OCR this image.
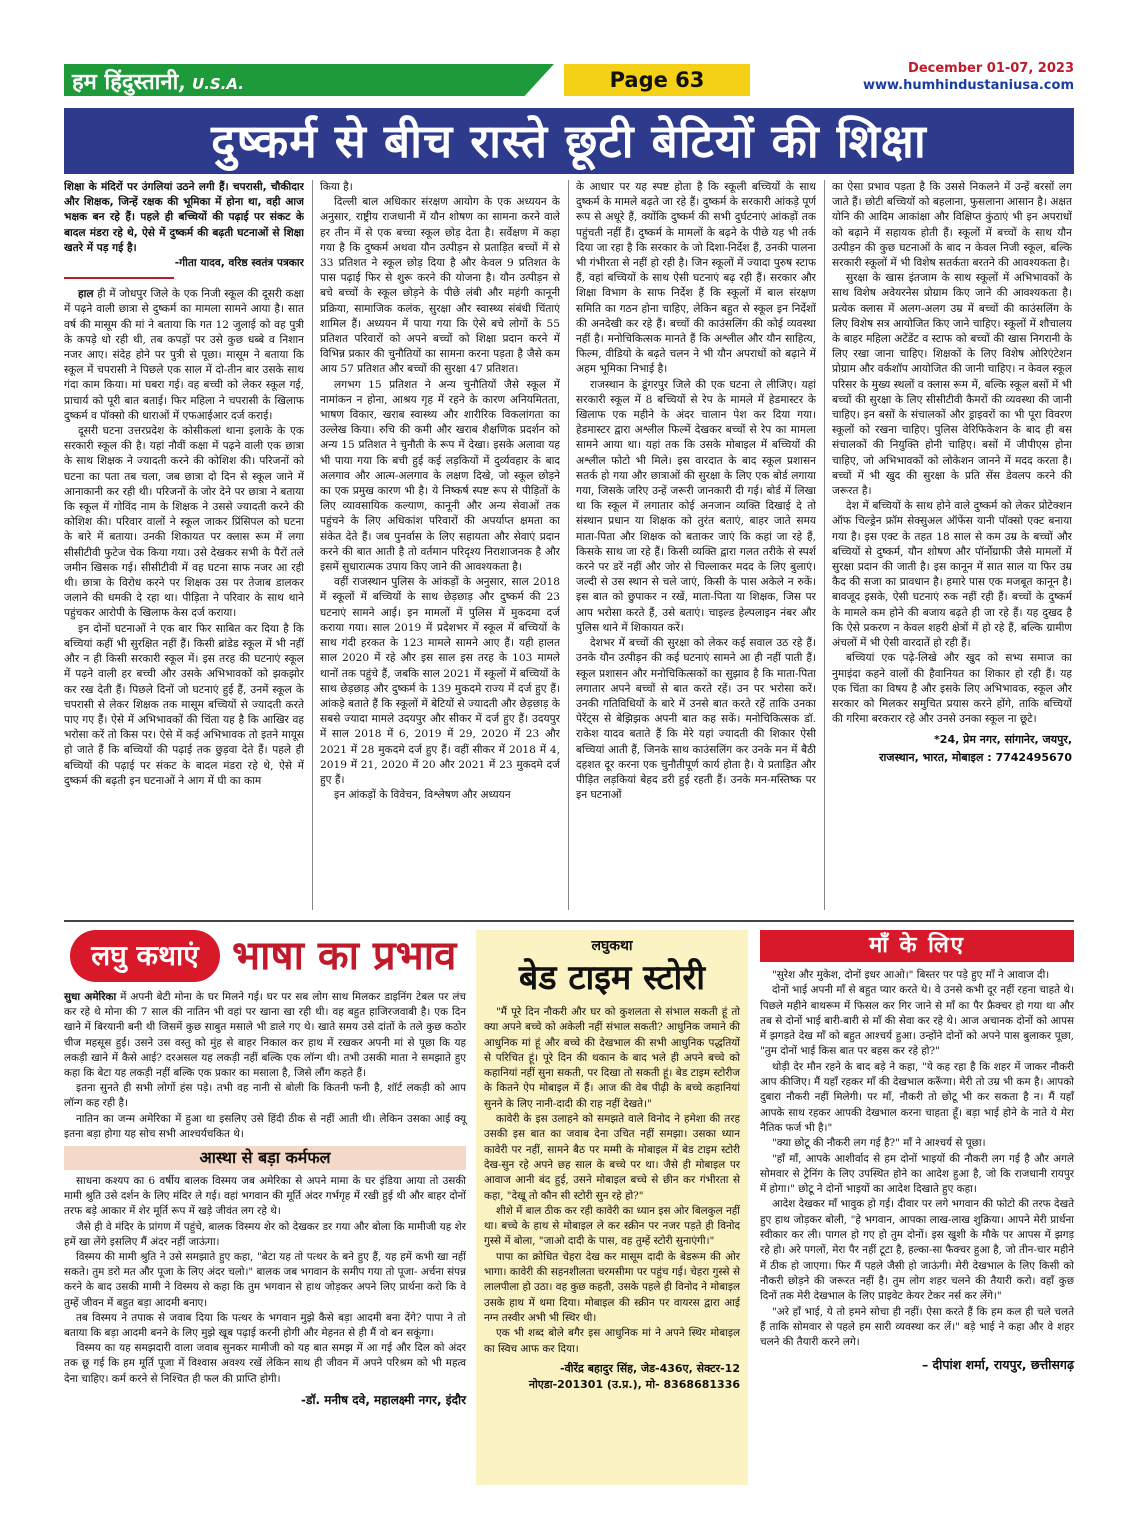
हम हिंदुस्तानी, U.S.A.	Page 63	December 01-07, 2023
www.humhindustaniusa.com
दुष्कर्म से बीच रास्ते छूटी बेटियों की शिक्षा
शिक्षा के मंदिरों पर उंगलियां उठने लगी हैं। चपरासी, चौकीदार और शिक्षक, जिन्हें रक्षक की भूमिका में होना था, वही आज भक्षक बन रहे हैं। पहले ही बच्चियों की पढ़ाई पर संकट के बादल मंडरा रहे थे, ऐसे में दुष्कर्म की बढ़ती घटनाओं से शिक्षा खतरे में पड़ गई है।
-गीता यादव, वरिष्ठ स्वतंत्र पत्रकार

हाल ही में जोधपुर जिले के एक निजी स्कूल की दूसरी कक्षा में पढ़ने वाली छात्रा से दुष्कर्म का मामला सामने आया है। सात वर्ष की मासूम की मां ने बताया कि गत 12 जुलाई को वह पुत्री के कपड़े धो रही थी, तब कपड़ों पर उसे कुछ धब्बे व निशान नजर आए। संदेह होने पर पुत्री से पूछा। मासूम ने बताया कि स्कूल में चपरासी ने पिछले एक साल में दो-तीन बार उसके साथ गंदा काम किया। मां घबरा गई। वह बच्ची को लेकर स्कूल गई, प्राचार्य को पूरी बात बताई। फिर महिला ने चपरासी के खिलाफ दुष्कर्म व पॉक्सो की धाराओं में एफआईआर दर्ज कराई।

दूसरी घटना उत्तरप्रदेश के कोसीकलां थाना इलाके के एक सरकारी स्कूल की है। यहां नौवीं कक्षा में पढ़ने वाली एक छात्रा के साथ शिक्षक ने ज्यादती करने की कोशिश की। परिजनों को घटना का पता तब चला, जब छात्रा दो दिन से स्कूल जाने में आनाकानी कर रही थी। परिजनों के जोर देने पर छात्रा ने बताया कि स्कूल में गोविंद नाम के शिक्षक ने उससे ज्यादती करने की कोशिश की। परिवार वालों ने स्कूल जाकर प्रिंसिपल को घटना के बारे में बताया। उनकी शिकायत पर क्लास रूम में लगा सीसीटीवी फुटेज चेक किया गया। उसे देखकर सभी के पैरों तले जमीन खिसक गई। सीसीटीवी में वह घटना साफ नजर आ रही थी। छात्रा के विरोध करने पर शिक्षक उस पर तेजाब डालकर जलाने की धमकी दे रहा था। पीड़िता ने परिवार के साथ थाने पहुंचकर आरोपी के खिलाफ केस दर्ज कराया।

इन दोनों घटनाओं ने एक बार फिर साबित कर दिया है कि बच्चियां कहीं भी सुरक्षित नहीं हैं। किसी ब्रांडेड स्कूल में भी नहीं और न ही किसी सरकारी स्कूल में। इस तरह की घटनाएं स्कूल में पढ़ने वाली हर बच्ची और उसके अभिभावकों को झकझोर कर रख देती हैं। पिछले दिनों जो घटनाएं हुई हैं, उनमें स्कूल के चपरासी से लेकर शिक्षक तक मासूम बच्चियों से ज्यादती करते पाए गए हैं। ऐसे में अभिभावकों की चिंता यह है कि आखिर वह भरोसा करें तो किस पर। ऐसे में कई अभिभावक तो इतने मायूस हो जाते हैं कि बच्चियों की पढ़ाई तक छुड़वा देते हैं। पहले ही बच्चियों की पढ़ाई पर संकट के बादल मंडरा रहे थे, ऐसे में दुष्कर्म की बढ़ती इन घटनाओं ने आग में घी का काम

किया है।

दिल्ली बाल अधिकार संरक्षण आयोग के एक अध्ययन के अनुसार, राष्ट्रीय राजधानी में यौन शोषण का सामना करने वाले हर तीन में से एक बच्चा स्कूल छोड़ देता है। सर्वेक्षण में कहा गया है कि दुष्कर्म अथवा यौन उत्पीड़न से प्रताड़ित बच्चों में से 33 प्रतिशत ने स्कूल छोड़ दिया है और केवल 9 प्रतिशत के पास पढ़ाई फिर से शुरू करने की योजना है। यौन उत्पीड़न से बचे बच्चों के स्कूल छोड़ने के पीछे लंबी और महंगी कानूनी प्रक्रिया, सामाजिक कलंक, सुरक्षा और स्वास्थ्य संबंधी चिंताएं शामिल हैं। अध्ययन में पाया गया कि ऐसे बचे लोगों के 55 प्रतिशत परिवारों को अपने बच्चों को शिक्षा प्रदान करने में विभिन्न प्रकार की चुनौतियों का सामना करना पड़ता है जैसे कम आय 57 प्रतिशत और बच्चों की सुरक्षा 47 प्रतिशत।

लगभग 15 प्रतिशत ने अन्य चुनौतियों जैसे स्कूल में नामांकन न होना, आश्रय गृह में रहने के कारण अनियमितता, भाषण विकार, खराब स्वास्थ्य और शारीरिक विकलांगता का उल्लेख किया। रुचि की कमी और खराब शैक्षणिक प्रदर्शन को अन्य 15 प्रतिशत ने चुनौती के रूप में देखा। इसके अलावा यह भी पाया गया कि बची हुई कई लड़कियों में दुर्व्यवहार के बाद अलगाव और आत्म-अलगाव के लक्षण दिखे, जो स्कूल छोड़ने का एक प्रमुख कारण भी है। ये निष्कर्ष स्पष्ट रूप से पीड़ितों के लिए व्यावसायिक कल्याण, कानूनी और अन्य सेवाओं तक पहुंचने के लिए अधिकांश परिवारों की अपर्याप्त क्षमता का संकेत देते हैं। जब पुनर्वास के लिए सहायता और सेवाएं प्रदान करने की बात आती है तो वर्तमान परिदृश्य निराशाजनक है और इसमें सुधारात्मक उपाय किए जाने की आवश्यकता है।

वहीं राजस्थान पुलिस के आंकड़ों के अनुसार, साल 2018 में स्कूलों में बच्चियों के साथ छेड़छाड़ और दुष्कर्म की 23 घटनाएं सामने आई। इन मामलों में पुलिस में मुकदमा दर्ज कराया गया। साल 2019 में प्रदेशभर में स्कूल में बच्चियों के साथ गंदी हरकत के 123 मामले सामने आए हैं। यही हालत साल 2020 में रहे और इस साल इस तरह के 103 मामले थानों तक पहुंचे हैं, जबकि साल 2021 में स्कूलों में बच्चियों के साथ छेड़छाड़ और दुष्कर्म के 139 मुकदमे राज्य में दर्ज हुए हैं। आंकड़े बताते हैं कि स्कूलों में बेटियों से ज्यादती और छेड़छाड़ के सबसे ज्यादा मामले उदयपुर और सीकर में दर्ज हुए हैं। उदयपुर में साल 2018 में 6, 2019 में 29, 2020 में 23 और 2021 में 28 मुकदमे दर्ज हुए हैं। वहीं सीकर में 2018 में 4, 2019 में 21, 2020 में 20 और 2021 में 23 मुकदमे दर्ज हुए हैं।

इन आंकड़ों के विवेचन, विश्लेषण और अध्ययन

के आधार पर यह स्पष्ट होता है कि स्कूली बच्चियों के साथ दुष्कर्म के मामले बढ़ते जा रहे हैं। दुष्कर्म के सरकारी आंकड़े पूर्ण रूप से अधूरे हैं, क्योंकि दुष्कर्म की सभी दुर्घटनाएं आंकड़ों तक पहुंचती नहीं हैं। दुष्कर्म के मामलों के बढ़ने के पीछे यह भी तर्क दिया जा रहा है कि सरकार के जो दिशा-निर्देश हैं, उनकी पालना भी गंभीरता से नहीं हो रही है। जिन स्कूलों में ज्यादा पुरुष स्टाफ हैं, वहां बच्चियों के साथ ऐसी घटनाएं बढ़ रही हैं। सरकार और शिक्षा विभाग के साफ निर्देश हैं कि स्कूलों में बाल संरक्षण समिति का गठन होना चाहिए, लेकिन बहुत से स्कूल इन निर्देशों की अनदेखी कर रहे हैं। बच्चों की काउंसलिंग की कोई व्यवस्था नहीं है। मनोचिकित्सक मानते हैं कि अश्लील और यौन साहित्य, फिल्म, वीडियो के बढ़ते चलन ने भी यौन अपराधों को बढ़ाने में अहम भूमिका निभाई है।

राजस्थान के डूंगरपुर जिले की एक घटना ले लीजिए। यहां सरकारी स्कूल में 8 बच्चियों से रेप के मामले में हेडमास्टर के खिलाफ एक महीने के अंदर चालान पेश कर दिया गया। हेडमास्टर द्वारा अश्लील फिल्में देखकर बच्चों से रेप का मामला सामने आया था। यहां तक कि उसके मोबाइल में बच्चियों की अश्लील फोटो भी मिले। इस वारदात के बाद स्कूल प्रशासन सतर्क हो गया और छात्राओं की सुरक्षा के लिए एक बोर्ड लगाया गया, जिसके जरिए उन्हें जरूरी जानकारी दी गई। बोर्ड में लिखा था कि स्कूल में लगातार कोई अनजान व्यक्ति दिखाई दे तो संस्थान प्रधान या शिक्षक को तुरंत बताएं, बाहर जाते समय माता-पिता और शिक्षक को बताकर जाएं कि कहां जा रहे हैं, किसके साथ जा रहे हैं। किसी व्यक्ति द्वारा गलत तरीके से स्पर्श करने पर डरें नहीं और जोर से चिल्लाकर मदद के लिए बुलाएं। जल्दी से उस स्थान से चले जाएं, किसी के पास अकेले न रुकें। इस बात को छुपाकर न रखें, माता-पिता या शिक्षक, जिस पर आप भरोसा करते हैं, उसे बताएं। चाइल्ड हेल्पलाइन नंबर और पुलिस थाने में शिकायत करें।

देशभर में बच्चों की सुरक्षा को लेकर कई सवाल उठ रहे हैं। उनके यौन उत्पीड़न की कई घटनाएं सामने आ ही नहीं पाती हैं। स्कूल प्रशासन और मनोचिकित्सकों का सुझाव है कि माता-पिता लगातार अपने बच्चों से बात करते रहें। उन पर भरोसा करें। उनकी गतिविधियों के बारे में उनसे बात करते रहें ताकि उनका पेरेंट्स से बेझिझक अपनी बात कह सकें। मनोचिकित्सक डॉ. राकेश यादव बताते हैं कि मेरे यहां ज्यादती की शिकार ऐसी बच्चियां आती हैं, जिनके साथ काउंसलिंग कर उनके मन में बैठी दहशत दूर करना एक चुनौतीपूर्ण कार्य होता है। ये प्रताड़ित और पीड़ित लड़कियां बेहद डरी हुई रहती हैं। उनके मन-मस्तिष्क पर इन घटनाओं

का ऐसा प्रभाव पड़ता है कि उससे निकलने में उन्हें बरसों लग जाते हैं। छोटी बच्चियों को बहलाना, फुसलाना आसान है। अक्षत योनि की आदिम आकांक्षा और विक्षिप्त कुंठाएं भी इन अपराधों को बढ़ाने में सहायक होती हैं। स्कूलों में बच्चों के साथ यौन उत्पीड़न की कुछ घटनाओं के बाद न केवल निजी स्कूल, बल्कि सरकारी स्कूलों में भी विशेष सतर्कता बरतने की आवश्यकता है।

सुरक्षा के खास इंतजाम के साथ स्कूलों में अभिभावकों के साथ विशेष अवेयरनेस प्रोग्राम किए जाने की आवश्यकता है। प्रत्येक क्लास में अलग-अलग उम्र में बच्चों की काउंसलिंग के लिए विशेष सत्र आयोजित किए जाने चाहिए। स्कूलों में शौचालय के बाहर महिला अटेंडेंट व स्टाफ को बच्चों की खास निगरानी के लिए रखा जाना चाहिए। शिक्षकों के लिए विशेष ओरिएंटेशन प्रोग्राम और वर्कशॉप आयोजित की जानी चाहिए। न केवल स्कूल परिसर के मुख्य स्थलों व क्लास रूम में, बल्कि स्कूल बसों में भी बच्चों की सुरक्षा के लिए सीसीटीवी कैमरों की व्यवस्था की जानी चाहिए। इन बसों के संचालकों और ड्राइवरों का भी पूरा विवरण स्कूलों को रखना चाहिए। पुलिस वेरिफिकेशन के बाद ही बस संचालकों की नियुक्ति होनी चाहिए। बसों में जीपीएस होना चाहिए, जो अभिभावकों को लोकेशन जानने में मदद करता है। बच्चों में भी खुद की सुरक्षा के प्रति सेंस डेवलप करने की जरूरत है।

देश में बच्चियों के साथ होने वाले दुष्कर्म को लेकर प्रोटेक्शन ऑफ चिल्ड्रेन फ्रॉम सेक्सुअल ऑफेंस यानी पॉक्सो एक्ट बनाया गया है। इस एक्ट के तहत 18 साल से कम उम्र के बच्चों और बच्चियों से दुष्कर्म, यौन शोषण और पॉर्नोग्राफी जैसे मामलों में सुरक्षा प्रदान की जाती है। इस कानून में सात साल या फिर उम्र कैद की सजा का प्रावधान है। हमारे पास एक मजबूत कानून है। बावजूद इसके, ऐसी घटनाएं रुक नहीं रही हैं। बच्चों के दुष्कर्म के मामले कम होने की बजाय बढ़ते ही जा रहे हैं। यह दुखद है कि ऐसे प्रकरण न केवल शहरी क्षेत्रों में हो रहे हैं, बल्कि ग्रामीण अंचलों में भी ऐसी वारदातें हो रही हैं।

बच्चियां एक पढ़े-लिखे और खुद को सभ्य समाज का नुमाइंदा कहने वालों की हैवानियत का शिकार हो रही हैं। यह एक चिंता का विषय है और इसके लिए अभिभावक, स्कूल और सरकार को मिलकर समुचित प्रयास करने होंगे, ताकि बच्चियों की गरिमा बरकरार रहे और उनसे उनका स्कूल ना छूटे।

*24, प्रेम नगर, सांगानेर, जयपुर,
राजस्थान, भारत, मोबाइल : 7742495670
लघु कथाएं भाषा का प्रभाव

सुधा अमेरिका में अपनी बेटी मोना के घर मिलने गई। घर पर सब लोग साथ मिलकर डाइनिंग टेबल पर लंच कर रहे थे मोना की 7 साल की नातिन भी वहां पर खाना खा रही थी। वह बहुत हाजिरजवाबी है। एक दिन खाने में बिरयानी बनी थी जिसमें कुछ साबुत मसाले भी डाले गए थे। खाते समय उसे दांतों के तले कुछ कठोर चीज महसूस हुई। उसने उस वस्तु को मुंह से बाहर निकाल कर हाथ में रखकर अपनी मां से पूछा कि यह लकड़ी खाने में कैसे आई? दरअसल यह लकड़ी नहीं बल्कि एक लॉन्ग थी। तभी उसकी माता ने समझाते हुए कहा कि बेटा यह लकड़ी नहीं बल्कि एक प्रकार का मसाला है, जिसे लौंग कहते हैं।

इतना सुनते ही सभी लोगों हंस पड़े। तभी वह नानी से बोली कि कितनी फनी है, शॉर्ट लकड़ी को आप लॉन्ग कह रही है।

नातिन का जन्म अमेरिका में हुआ था इसलिए उसे हिंदी ठीक से नहीं आती थी। लेकिन उसका आई क्यू इतना बड़ा होगा यह सोच सभी आश्चर्यचकित थे।

आस्था से बड़ा कर्मफल

साधना कश्यप का 6 वर्षीय बालक विस्मय जब अमेरिका से अपने मामा के घर इंडिया आया तो उसकी मामी श्रुति उसे दर्शन के लिए मंदिर ले गई। वहां भगवान की मूर्ति अंदर गर्भगृह में रखी हुई थी और बाहर दोनों तरफ बड़े आकार में शेर मूर्ति रूप में खड़े जीवंत लग रहे थे।

जैसे ही वे मंदिर के प्रांगण में पहुंचे, बालक विस्मय शेर को देखकर डर गया और बोला कि मामीजी यह शेर हमें खा लेंगे इसलिए मैं अंदर नहीं जाऊंगा।

विस्मय की मामी श्रुति ने उसे समझाते हुए कहा, "बेटा यह तो पत्थर के बने हुए हैं, यह हमें कभी खा नहीं सकते। तुम डरो मत और पूजा के लिए अंदर चलो।" बालक जब भगवान के समीप गया तो पूजा- अर्चना संपन्न करने के बाद उसकी मामी ने विस्मय से कहा कि तुम भगवान से हाथ जोड़कर अपने लिए प्रार्थना करो कि वे तुम्हें जीवन में बहुत बड़ा आदमी बनाए।

तब विस्मय ने तपाक से जवाब दिया कि पत्थर के भगवान मुझे कैसे बड़ा आदमी बना देंगे? पापा ने तो बताया कि बड़ा आदमी बनने के लिए मुझे खूब पढ़ाई करनी होगी और मेहनत से ही मैं वो बन सकूंगा।

विस्मय का यह समझदारी वाला जवाब सुनकर मामीजी को यह बात समझ में आ गई और दिल को अंदर तक छू गई कि हम मूर्ति पूजा में विश्वास अवश्य रखें लेकिन साथ ही जीवन में अपने परिश्रम को भी महत्व देना चाहिए। कर्म करने से निश्चित ही फल की प्राप्ति होगी।

-डॉ. मनीष दवे, महालक्ष्मी नगर, इंदौर
लघुकथा
बेड टाइम स्टोरी

"मैं पूरे दिन नौकरी और घर को कुशलता से संभाल सकती हूं तो क्या अपने बच्चे को अकेली नहीं संभाल सकती? आधुनिक जमाने की आधुनिक मां हूं और बच्चे की देखभाल की सभी आधुनिक पद्धतियों से परिचित हूं। पूरे दिन की थकान के बाद भले ही अपने बच्चे को कहानियां नहीं सुना सकती, पर दिखा तो सकती हूं। बेड टाइम स्टोरीज के कितने ऐप मोबाइल में हैं। आज की वेब पीढ़ी के बच्चे कहानियां सुनने के लिए नानी-दादी की राह नहीं देखते।"

कावेरी के इस उलाहने को समझते वाले विनोद ने हमेशा की तरह उसकी इस बात का जवाब देना उचित नहीं समझा। उसका ध्यान कावेरी पर नहीं, सामने बैठ पर मम्मी के मोबाइल में बेड टाइम स्टोरी देख-सुन रहे अपने छह साल के बच्चे पर था। जैसे ही मोबाइल पर आवाज आनी बंद हुई, उसने मोबाइल बच्चे से छीन कर गंभीरता से कहा, "देखू तो कौन सी स्टोरी सुन रहे हो?"

शीशे में बाल ठीक कर रही कावेरी का ध्यान इस ओर बिलकुल नहीं था। बच्चे के हाथ से मोबाइल ले कर स्क्रीन पर नजर पड़ते ही विनोद गुस्से में बोला, "जाओ दादी के पास, वह तुम्हें स्टोरी सुनाएंगी।"

पापा का क्रोधित चेहरा देख कर मासूम दादी के बेडरूम की ओर भागा। कावेरी की सहनशीलता चरमसीमा पर पहुंच गई। चेहरा गुस्से से लालपीला हो उठा। वह कुछ कहती, उसके पहले ही विनोद ने मोबाइल उसके हाथ में थमा दिया। मोबाइल की स्क्रीन पर वायरस द्वारा आई नग्न तस्वीर अभी भी स्थिर थी।

एक भी शब्द बोले बगैर इस आधुनिक मां ने अपने स्थिर मोबाइल का स्विच आफ कर दिया।

-वीरेंद्र बहादुर सिंह, जेड-436ए, सेक्टर-12
नोएडा-201301 (उ.प्र.), मो- 8368681336
माँ के लिए

"सुरेश और मुकेश, दोनों इधर आओ।" बिस्तर पर पड़े हुए माँ ने आवाज दी।

दोनों भाई अपनी माँ से बहुत प्यार करते थे। वे उनसे कभी दूर नहीं रहना चाहते थे। पिछले महीने बाथरूम में फिसल कर गिर जाने से माँ का पैर फ्रैक्चर हो गया था और तब से दोनों भाई बारी-बारी से माँ की सेवा कर रहे थे। आज अचानक दोनों को आपस में झगड़ते देख माँ को बहुत आश्चर्य हुआ। उन्होंने दोनों को अपने पास बुलाकर पूछा, "तुम दोनों भाई किस बात पर बहस कर रहे हो?"

थोड़ी देर मौन रहने के बाद बड़े ने कहा, "ये कह रहा है कि शहर में जाकर नौकरी आप कीजिए। मैं यहाँ रहकर माँ की देखभाल करूँगा। मेरी तो उम्र भी कम है। आपको दुबारा नौकरी नहीं मिलेगी। पर माँ, नौकरी तो छोटू भी कर सकता है न। मैं यहाँ आपके साथ रहकर आपकी देखभाल करना चाहता हूँ। बड़ा भाई होने के नाते ये मेरा नैतिक फर्ज भी है।"

"क्या छोटू की नौकरी लग गई है?" माँ ने आश्चर्य से पूछा।

"हाँ माँ, आपके आशीर्वाद से हम दोनों भाइयों की नौकरी लग गई है और अगले सोमवार से ट्रेनिंग के लिए उपस्थित होने का आदेश हुआ है, जो कि राजधानी रायपुर में होगा।" छोटू ने दोनों भाइयों का आदेश दिखाते हुए कहा।

आदेश देखकर माँ भावुक हो गई। दीवार पर लगे भगवान की फोटो की तरफ देखते हुए हाथ जोड़कर बोली, "हे भगवान, आपका लाख-लाख शुक्रिया। आपने मेरी प्रार्थना स्वीकार कर ली। पागल हो गए हो तुम दोनों। इस खुशी के मौके पर आपस में झगड़ रहे हो। अरे पगलों, मेरा पैर नहीं टूटा है, हल्का-सा फैक्चर हुआ है, जो तीन-चार महीने में ठीक हो जाएगा। फिर मैं पहले जैसी हो जाऊंगी। मेरी देखभाल के लिए किसी को नौकरी छोड़ने की जरूरत नहीं है। तुम लोग शहर चलने की तैयारी करो। वहाँ कुछ दिनों तक मेरी देखभाल के लिए प्राइवेट केयर टेकर नर्स कर लेंगे।"

"अरे हाँ भाई, ये तो हमने सोचा ही नहीं। ऐसा करते हैं कि हम कल ही चले चलते हैं ताकि सोमवार से पहले हम सारी व्यवस्था कर लें।" बड़े भाई ने कहा और वे शहर चलने की तैयारी करने लगे।

– दीपांश शर्मा, रायपुर, छत्तीसगढ़
